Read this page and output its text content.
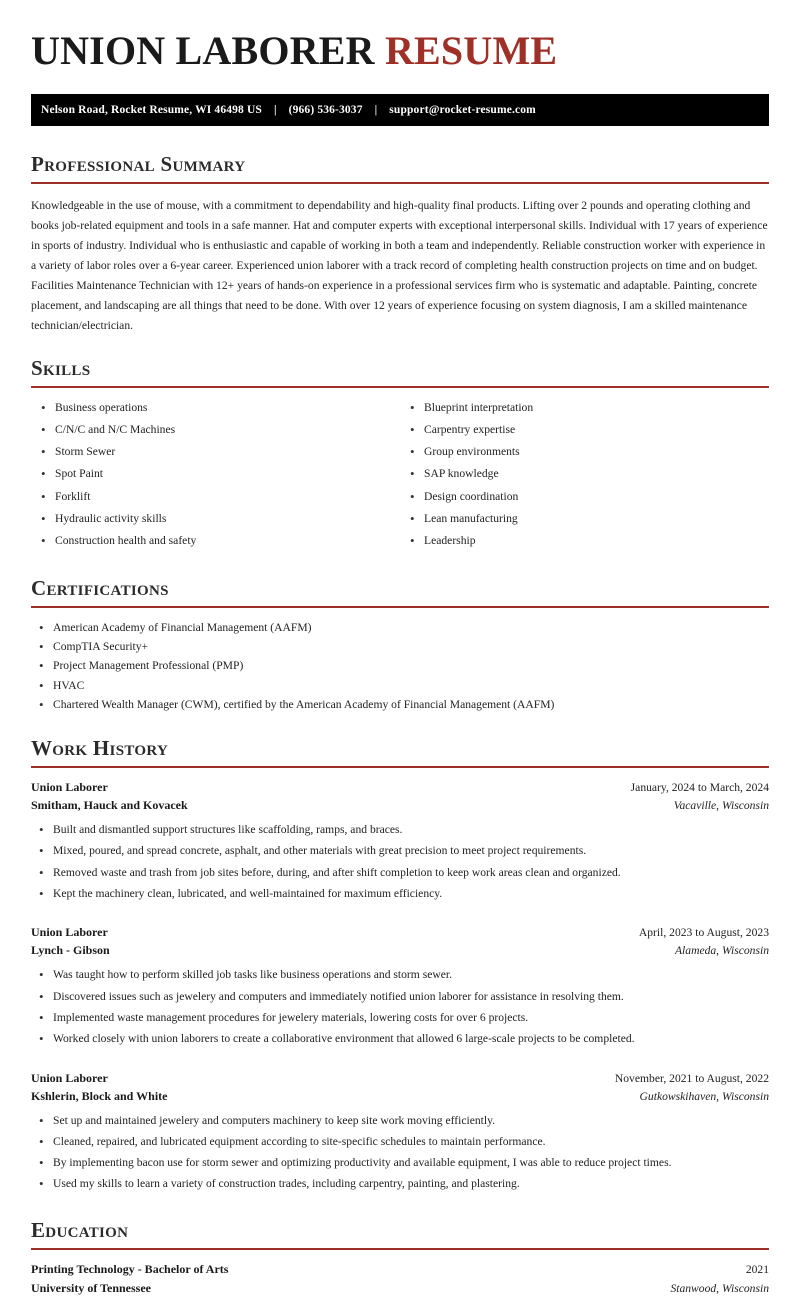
UNION LABORER RESUME
Nelson Road, Rocket Resume, WI 46498 US | (966) 536-3037 | support@rocket-resume.com
Professional Summary

Knowledgeable in the use of mouse, with a commitment to dependability and high-quality final products. Lifting over 2 pounds and operating clothing and books job-related equipment and tools in a safe manner. Hat and computer experts with exceptional interpersonal skills. Individual with 17 years of experience in sports of industry. Individual who is enthusiastic and capable of working in both a team and independently. Reliable construction worker with experience in a variety of labor roles over a 6-year career. Experienced union laborer with a track record of completing health construction projects on time and on budget. Facilities Maintenance Technician with 12+ years of hands-on experience in a professional services firm who is systematic and adaptable. Painting, concrete placement, and landscaping are all things that need to be done. With over 12 years of experience focusing on system diagnosis, I am a skilled maintenance technician/electrician.

Skills
• Business operations
• C/N/C and N/C Machines
• Storm Sewer
• Spot Paint
• Forklift
• Hydraulic activity skills
• Construction health and safety
• Blueprint interpretation
• Carpentry expertise
• Group environments
• SAP knowledge
• Design coordination
• Lean manufacturing
• Leadership
Certifications
• American Academy of Financial Management (AAFM)
• CompTIA Security+
• Project Management Professional (PMP)
• HVAC
• Chartered Wealth Manager (CWM), certified by the American Academy of Financial Management (AAFM)
Work History
Union Laborer	January, 2024 to March, 2024
Smitham, Hauck and Kovacek	Vacaville, Wisconsin
• Built and dismantled support structures like scaffolding, ramps, and braces.
• Mixed, poured, and spread concrete, asphalt, and other materials with great precision to meet project requirements.
• Removed waste and trash from job sites before, during, and after shift completion to keep work areas clean and organized.
• Kept the machinery clean, lubricated, and well-maintained for maximum efficiency.
Union Laborer	April, 2023 to August, 2023
Lynch - Gibson	Alameda, Wisconsin
• Was taught how to perform skilled job tasks like business operations and storm sewer.
• Discovered issues such as jewelery and computers and immediately notified union laborer for assistance in resolving them.
• Implemented waste management procedures for jewelery materials, lowering costs for over 6 projects.
• Worked closely with union laborers to create a collaborative environment that allowed 6 large-scale projects to be completed.
Union Laborer	November, 2021 to August, 2022
Kshlerin, Block and White	Gutkowskihaven, Wisconsin
• Set up and maintained jewelery and computers machinery to keep site work moving efficiently.
• Cleaned, repaired, and lubricated equipment according to site-specific schedules to maintain performance.
• By implementing bacon use for storm sewer and optimizing productivity and available equipment, I was able to reduce project times.
• Used my skills to learn a variety of construction trades, including carpentry, painting, and plastering.
Education
Printing Technology - Bachelor of Arts	2021
University of Tennessee	Stanwood, Wisconsin
